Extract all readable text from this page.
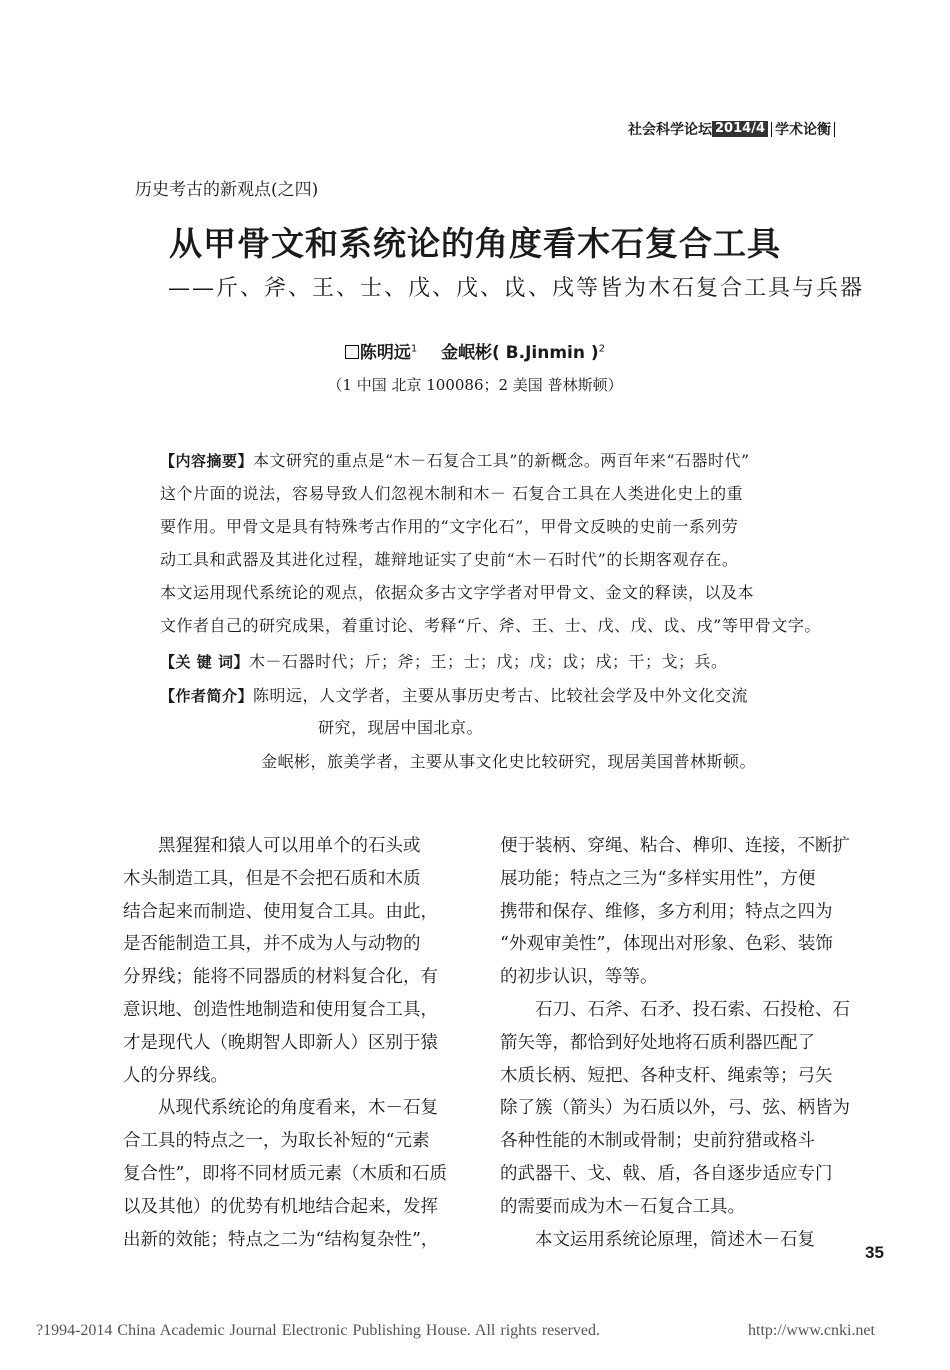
社会科学论坛 2014/4 学术论衡
历史考古的新观点(之四)
从甲骨文和系统论的角度看木石复合工具
——斤、斧、王、士、戊、戊、戉、戌等皆为木石复合工具与兵器
陈明远$^1$ 金岷彬( B.Jinmin )$^2$
（1 中国 北京 100086；2 美国 普林斯顿）
【内容摘要】本文研究的重点是“木－石复合工具”的新概念。两百年来“石器时代”
这个片面的说法，容易导致人们忽视木制和木－ 石复合工具在人类进化史上的重
要作用。甲骨文是具有特殊考古作用的“文字化石”，甲骨文反映的史前一系列劳
动工具和武器及其进化过程，雄辩地证实了史前“木－石时代”的长期客观存在。
本文运用现代系统论的观点，依据众多古文字学者对甲骨文、金文的释读，以及本
文作者自己的研究成果，着重讨论、考释“斤、斧、王、士、戊、戊、戉、戌”等甲骨文字。
【关 键 词】木－石器时代；斤；斧；王；士；戊；戊；戉；戌；干；戈；兵。
【作者简介】陈明远，人文学者，主要从事历史考古、比较社会学及中外文化交流
研究，现居中国北京。
金岷彬，旅美学者，主要从事文化史比较研究，现居美国普林斯顿。

　　黑猩猩和猿人可以用单个的石头或

木头制造工具，但是不会把石质和木质

结合起来而制造、使用复合工具。由此，

是否能制造工具，并不成为人与动物的

分界线；能将不同器质的材料复合化，有

意识地、创造性地制造和使用复合工具，

才是现代人（晚期智人即新人）区别于猿

人的分界线。

　　从现代系统论的角度看来，木－石复

合工具的特点之一，为取长补短的“元素

复合性”，即将不同材质元素（木质和石质

以及其他）的优势有机地结合起来，发挥

出新的效能；特点之二为“结构复杂性”，

便于装柄、穿绳、粘合、榫卯、连接，不断扩

展功能；特点之三为“多样实用性”，方便

携带和保存、维修，多方利用；特点之四为

“外观审美性”，体现出对形象、色彩、装饰

的初步认识，等等。

　　石刀、石斧、石矛、投石索、石投枪、石

箭矢等，都恰到好处地将石质利器匹配了

木质长柄、短把、各种支杆、绳索等；弓矢

除了簇（箭头）为石质以外，弓、弦、柄皆为

各种性能的木制或骨制；史前狩猎或格斗

的武器干、戈、戟、盾，各自逐步适应专门

的需要而成为木－石复合工具。

　　本文运用系统论原理，简述木－石复

35
?1994-2014 China Academic Journal Electronic Publishing House. All rights reserved.	http://www.cnki.net
